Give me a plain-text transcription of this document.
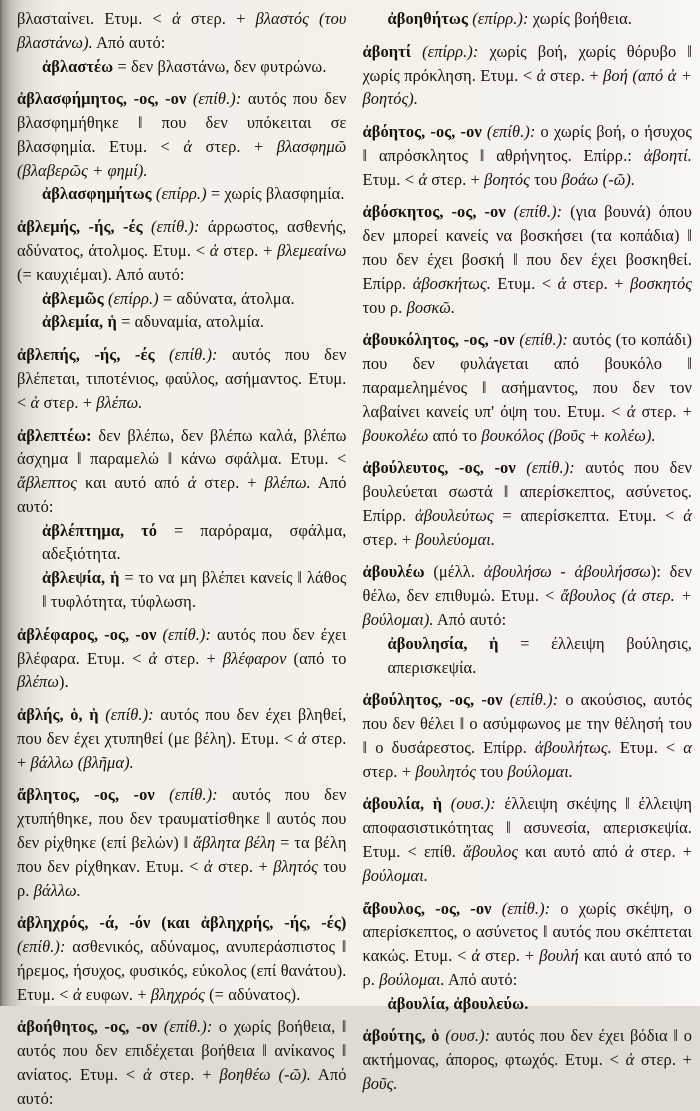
βλασταίνει. Ετυμ. < ἀ στερ. + βλαστός (του βλαστάνω). Από αυτό:

ἀβλαστέω = δεν βλαστάνω, δεν φυτρώνω.

ἀβλασφήμητος, -ος, -ον (επίθ.): αυτός που δεν βλασφημήθηκε ‖ που δεν υπόκειται σε βλασφημία. Ετυμ. < ἀ στερ. + βλασφημῶ (βλαβερῶς + φημί).

ἀβλασφημήτως (επίρρ.) = χωρίς βλασφημία.

ἀβλεμής, -ής, -ές (επίθ.): άρρωστος, ασθενής, αδύνατος, άτολμος. Ετυμ. < ἀ στερ. + βλεμεαίνω (= καυχιέμαι). Από αυτό:

ἀβλεμῶς (επίρρ.) = αδύνατα, άτολμα.

ἀβλεμία, ἡ = αδυναμία, ατολμία.

ἀβλεπής, -ής, -ές (επίθ.): αυτός που δεν βλέπεται, τιποτένιος, φαύλος, ασήμαντος. Ετυμ. < ἀ στερ. + βλέπω.

ἀβλεπτέω: δεν βλέπω, δεν βλέπω καλά, βλέπω άσχημα ‖ παραμελώ ‖ κάνω σφάλμα. Ετυμ. < ἄβλεπτος και αυτό από ἀ στερ. + βλέπω. Από αυτό:

ἀβλέπτημα, τό = παρόραμα, σφάλμα, αδεξιότητα.

ἀβλεψία, ἡ = το να μη βλέπει κανείς ‖ λάθος ‖ τυφλότητα, τύφλωση.

ἀβλέφαρος, -ος, -ον (επίθ.): αυτός που δεν έχει βλέφαρα. Ετυμ. < ἀ στερ. + βλέφαρον (από το βλέπω).

ἀβλής, ὁ, ἡ (επίθ.): αυτός που δεν έχει βληθεί, που δεν έχει χτυπηθεί (με βέλη). Ετυμ. < ἀ στερ. + βάλλω (βλῆμα).

ἄβλητος, -ος, -ον (επίθ.): αυτός που δεν χτυπήθηκε, που δεν τραυματίσθηκε ‖ αυτός που δεν ρίχθηκε (επί βελών) ‖ ἄβλητα βέλη = τα βέλη που δεν ρίχθηκαν. Ετυμ. < ἀ στερ. + βλητός του ρ. βάλλω.

ἀβληχρός, -ά, -όν (και ἀβληχρής, -ής, -ές) (επίθ.): ασθενικός, αδύναμος, ανυπεράσπιστος ‖ ήρεμος, ήσυχος, φυσικός, εύκολος (επί θανάτου). Ετυμ. < ἀ ευφων. + βληχρός (= αδύνατος).

ἀβοήθητος, -ος, -ον (επίθ.): ο χωρίς βοήθεια, ‖ αυτός που δεν επιδέχεται βοήθεια ‖ ανίκανος ‖ ανίατος. Ετυμ. < ἀ στερ. + βοηθέω (-ῶ). Από αυτό:

ἀβοηθήτως (επίρρ.): χωρίς βοήθεια.

ἀβοητί (επίρρ.): χωρίς βοή, χωρίς θόρυβο ‖ χωρίς πρόκληση. Ετυμ. < ἀ στερ. + βοή (από ἀ + βοητός).

ἀβόητος, -ος, -ον (επίθ.): ο χωρίς βοή, ο ήσυχος ‖ απρόσκλητος ‖ αθρήνητος. Επίρρ.: ἀβοητί. Ετυμ. < ἀ στερ. + βοητός του βοάω (-ῶ).

ἀβόσκητος, -ος, -ον (επίθ.): (για βουνά) όπου δεν μπορεί κανείς να βοσκήσει (τα κοπάδια) ‖ που δεν έχει βοσκή ‖ που δεν έχει βοσκηθεί. Επίρρ. ἀβοσκήτως. Ετυμ. < ἀ στερ. + βοσκητός του ρ. βοσκῶ.

ἀβουκόλητος, -ος, -ον (επίθ.): αυτός (το κοπάδι) που δεν φυλάγεται από βουκόλο ‖ παραμελημένος ‖ ασήμαντος, που δεν τον λαβαίνει κανείς υπ' όψη του. Ετυμ. < ἀ στερ. + βουκολέω από το βουκόλος (βοῦς + κολέω).

ἀβούλευτος, -ος, -ον (επίθ.): αυτός που δεν βουλεύεται σωστά ‖ απερίσκεπτος, ασύνετος. Επίρρ. ἀβουλεύτως = απερίσκεπτα. Ετυμ. < ἀ στερ. + βουλεύομαι.

ἀβουλέω (μέλλ. ἀβουλήσω - ἀβουλήσσω): δεν θέλω, δεν επιθυμώ. Ετυμ. < ἄβουλος (ἀ στερ. + βούλομαι). Από αυτό:

ἀβουλησία, ἡ = έλλειψη βούλησις, απερισκεψία.

ἀβούλητος, -ος, -ον (επίθ.): ο ακούσιος, αυτός που δεν θέλει ‖ ο ασύμφωνος με την θέλησή του ‖ ο δυσάρεστος. Επίρρ. ἀβουλήτως. Ετυμ. < α στερ. + βουλητός του βούλομαι.

ἀβουλία, ἡ (ουσ.): έλλειψη σκέψης ‖ έλλειψη αποφασιστικότητας ‖ ασυνεσία, απερισκεψία. Ετυμ. < επίθ. ἄβουλος και αυτό από ἀ στερ. + βούλομαι.

ἄβουλος, -ος, -ον (επίθ.): ο χωρίς σκέψη, ο απερίσκεπτος, ο ασύνετος ‖ αυτός που σκέπτεται κακώς. Ετυμ. < ἀ στερ. + βουλή και αυτό από το ρ. βούλομαι. Από αυτό:

ἀβουλία, ἀβουλεύω.

ἀβούτης, ὁ (ουσ.): αυτός που δεν έχει βόδια ‖ ο ακτήμονας, άπορος, φτωχός. Ετυμ. < ἀ στερ. + βοῦς.
